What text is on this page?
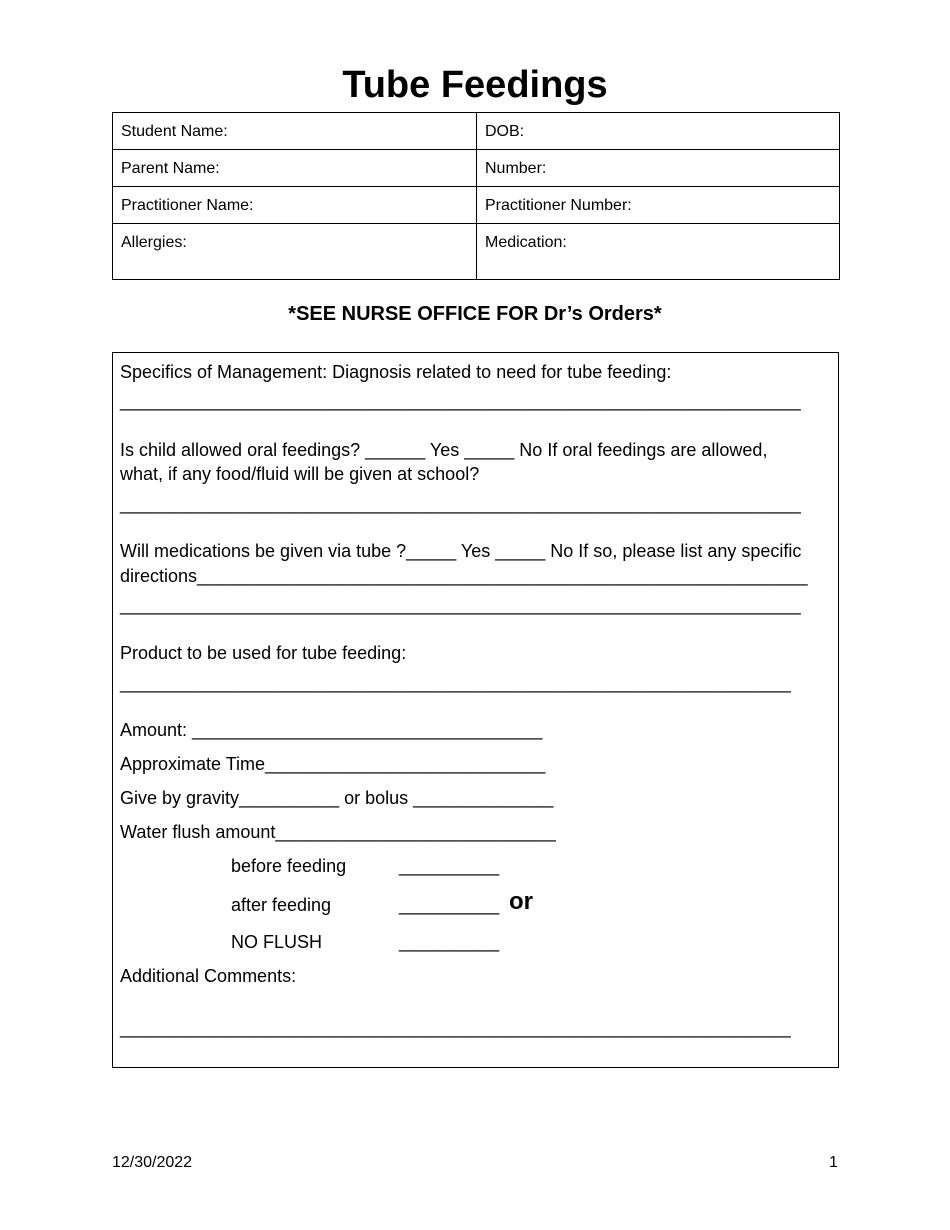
Tube Feedings
Student Name:	DOB:
Parent Name:	Number:
Practitioner Name:	Practitioner Number:
Allergies:	Medication:
*SEE NURSE OFFICE FOR Dr’s Orders*
Specifics of Management: Diagnosis related to need for tube feeding:
____________________________________________________________________
Is child allowed oral feedings? ______ Yes _____ No If oral feedings are allowed,
what, if any food/fluid will be given at school?
____________________________________________________________________
Will medications be given via tube ?_____ Yes _____ No If so, please list any specific
directions_____________________________________________________________
____________________________________________________________________
Product to be used for tube feeding:
___________________________________________________________________
Amount: ___________________________________
Approximate Time____________________________
Give by gravity__________ or bolus ______________
Water flush amount____________________________
before feeding	__________
after feeding	__________ or
NO FLUSH	__________
Additional Comments:
___________________________________________________________________
12/30/2022	1
